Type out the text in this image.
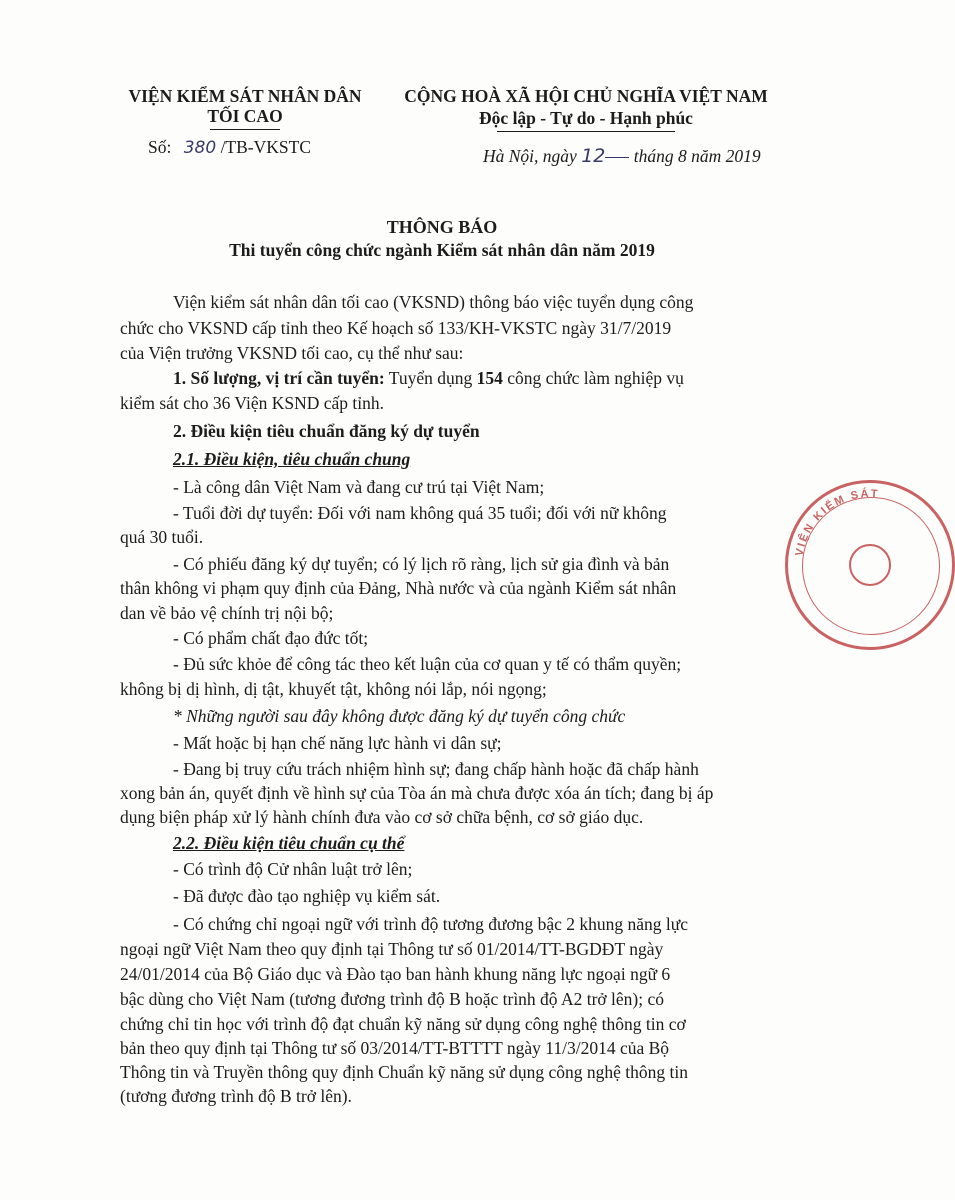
VIỆN KIỂM SÁT NHÂN DÂN
TỐI CAO
Số: 380 /TB-VKSTC
CỘNG HOÀ XÃ HỘI CHỦ NGHĨA VIỆT NAM
Độc lập - Tự do - Hạnh phúc
Hà Nội, ngày 12 tháng 8 năm 2019
THÔNG BÁO
Thi tuyển công chức ngành Kiểm sát nhân dân năm 2019
Viện kiểm sát nhân dân tối cao (VKSND) thông báo việc tuyển dụng công
chức cho VKSND cấp tỉnh theo Kế hoạch số 133/KH-VKSTC ngày 31/7/2019
của Viện trưởng VKSND tối cao, cụ thể như sau:
1. Số lượng, vị trí cần tuyển: Tuyển dụng 154 công chức làm nghiệp vụ
kiểm sát cho 36 Viện KSND cấp tỉnh.
2. Điều kiện tiêu chuẩn đăng ký dự tuyển
2.1. Điều kiện, tiêu chuẩn chung
- Là công dân Việt Nam và đang cư trú tại Việt Nam;
- Tuổi đời dự tuyển: Đối với nam không quá 35 tuổi; đối với nữ không
quá 30 tuổi.
- Có phiếu đăng ký dự tuyển; có lý lịch rõ ràng, lịch sử gia đình và bản
thân không vi phạm quy định của Đảng, Nhà nước và của ngành Kiểm sát nhân
dan về bảo vệ chính trị nội bộ;
- Có phẩm chất đạo đức tốt;
- Đủ sức khỏe để công tác theo kết luận của cơ quan y tế có thẩm quyền;
không bị dị hình, dị tật, khuyết tật, không nói lắp, nói ngọng;
* Những người sau đây không được đăng ký dự tuyển công chức
- Mất hoặc bị hạn chế năng lực hành vi dân sự;
- Đang bị truy cứu trách nhiệm hình sự; đang chấp hành hoặc đã chấp hành
xong bản án, quyết định về hình sự của Tòa án mà chưa được xóa án tích; đang bị áp
dụng biện pháp xử lý hành chính đưa vào cơ sở chữa bệnh, cơ sở giáo dục.
2.2. Điều kiện tiêu chuẩn cụ thể
- Có trình độ Cử nhân luật trở lên;
- Đã được đào tạo nghiệp vụ kiểm sát.
- Có chứng chỉ ngoại ngữ với trình độ tương đương bậc 2 khung năng lực
ngoại ngữ Việt Nam theo quy định tại Thông tư số 01/2014/TT-BGDĐT ngày
24/01/2014 của Bộ Giáo dục và Đào tạo ban hành khung năng lực ngoại ngữ 6
bậc dùng cho Việt Nam (tương đương trình độ B hoặc trình độ A2 trở lên); có
chứng chỉ tin học với trình độ đạt chuẩn kỹ năng sử dụng công nghệ thông tin cơ
bản theo quy định tại Thông tư số 03/2014/TT-BTTTT ngày 11/3/2014 của Bộ
Thông tin và Truyền thông quy định Chuẩn kỹ năng sử dụng công nghệ thông tin
(tương đương trình độ B trở lên).
VIỆN KIỂM SÁT
